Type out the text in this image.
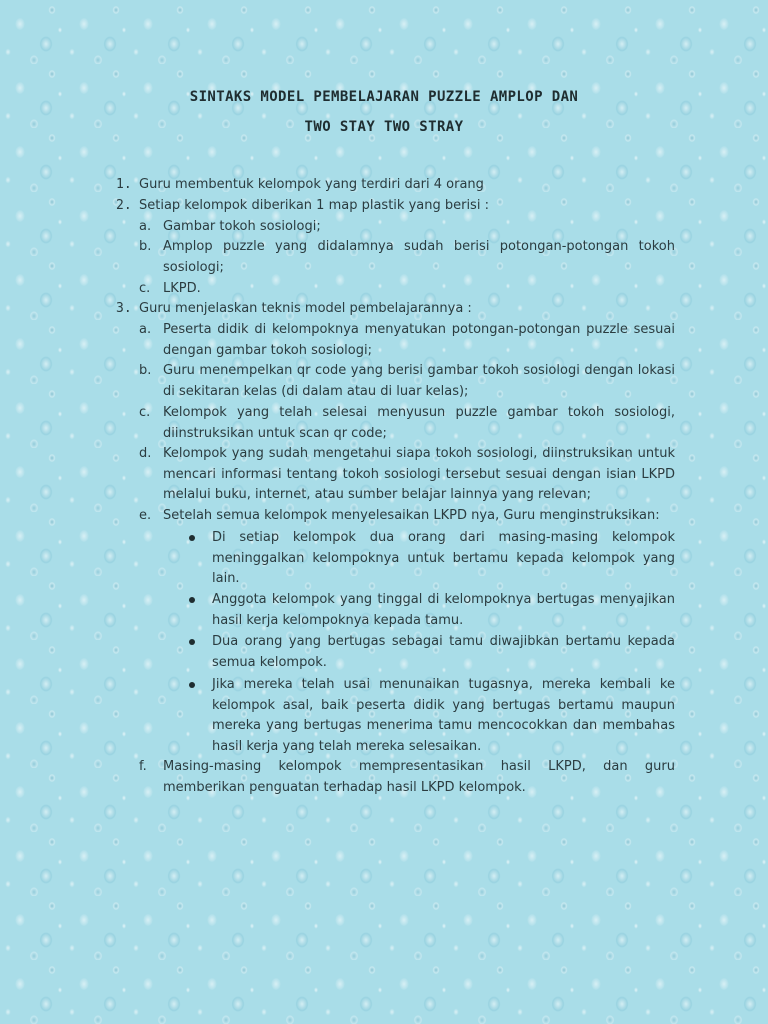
SINTAKS MODEL PEMBELAJARAN PUZZLE AMPLOP DAN
TWO STAY TWO STRAY
1. Guru membentuk kelompok yang terdiri dari 4 orang
2. Setiap kelompok diberikan 1 map plastik yang berisi :
a. Gambar tokoh sosiologi;
b. Amplop puzzle yang didalamnya sudah berisi potongan-potongan tokoh sosiologi;
c. LKPD.
3. Guru menjelaskan teknis model pembelajarannya :
a. Peserta didik di kelompoknya menyatukan potongan-potongan puzzle sesuai dengan gambar tokoh sosiologi;
b. Guru menempelkan qr code yang berisi gambar tokoh sosiologi dengan lokasi di sekitaran kelas (di dalam atau di luar kelas);
c. Kelompok yang telah selesai menyusun puzzle gambar tokoh sosiologi, diinstruksikan untuk scan qr code;
d. Kelompok yang sudah mengetahui siapa tokoh sosiologi, diinstruksikan untuk mencari informasi tentang tokoh sosiologi tersebut sesuai dengan isian LKPD melalui buku, internet, atau sumber belajar lainnya yang relevan;
e. Setelah semua kelompok menyelesaikan LKPD nya, Guru menginstruksikan:
Di setiap kelompok dua orang dari masing-masing kelompok meninggalkan kelompoknya untuk bertamu kepada kelompok yang lain.
Anggota kelompok yang tinggal di kelompoknya bertugas menyajikan hasil kerja kelompoknya kepada tamu.
Dua orang yang bertugas sebagai tamu diwajibkan bertamu kepada semua kelompok.
Jika mereka telah usai menunaikan tugasnya, mereka kembali ke kelompok asal, baik peserta didik yang bertugas bertamu maupun mereka yang bertugas menerima tamu mencocokkan dan membahas hasil kerja yang telah mereka selesaikan.
f. Masing-masing kelompok mempresentasikan hasil LKPD, dan guru memberikan penguatan terhadap hasil LKPD kelompok.
